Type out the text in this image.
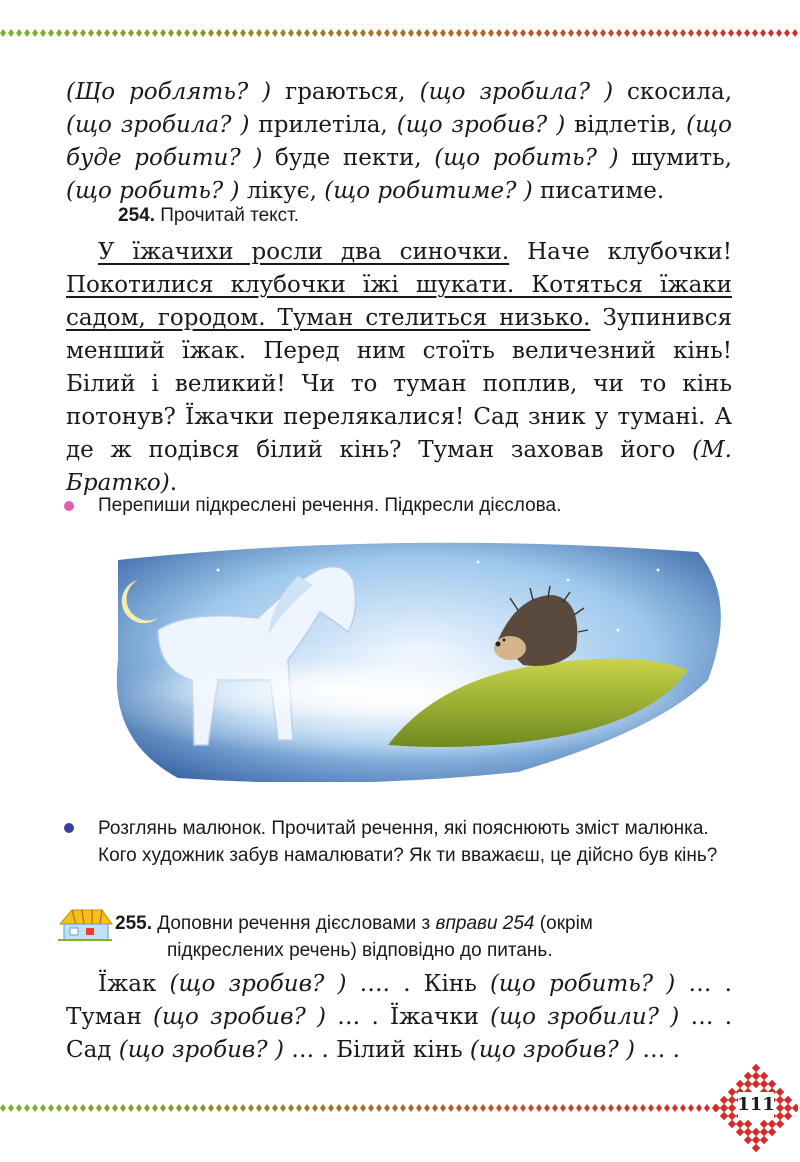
(Що роблять? ) граються, (що зробила? ) скосила, (що зробила? ) прилетіла, (що зробив? ) відлетів, (що буде робити? ) буде пекти, (що робить? ) шумить, (що робить? ) лікує, (що робитиме? ) писатиме.

254. Прочитай текст.

У їжачихи росли два синочки. Наче клубочки! Покотилися клубочки їжі шукати. Котяться їжаки садом, городом. Туман стелиться низько. Зупинився менший їжак. Перед ним стоїть величезний кінь! Білий і великий! Чи то туман поплив, чи то кінь потонув? Їжачки перелякалися! Сад зник у тумані. А де ж подівся білий кінь? Туман заховав його (М. Братко).

Перепиши підкреслені речення. Підкресли дієслова.
Розглянь малюнок. Прочитай речення, які пояснюють зміст малюнка. Кого художник забув намалювати? Як ти вважаєш, це дійсно був кінь?
255. Доповни речення дієсловами з вправи 254 (окрім
підкреслених речень) відповідно до питань.

Їжак (що зробив? ) …. . Кінь (що робить? ) … . Туман (що зробив? ) … . Їжачки (що зробили? ) … . Сад (що зробив? ) … . Білий кінь (що зробив? ) … .

111
